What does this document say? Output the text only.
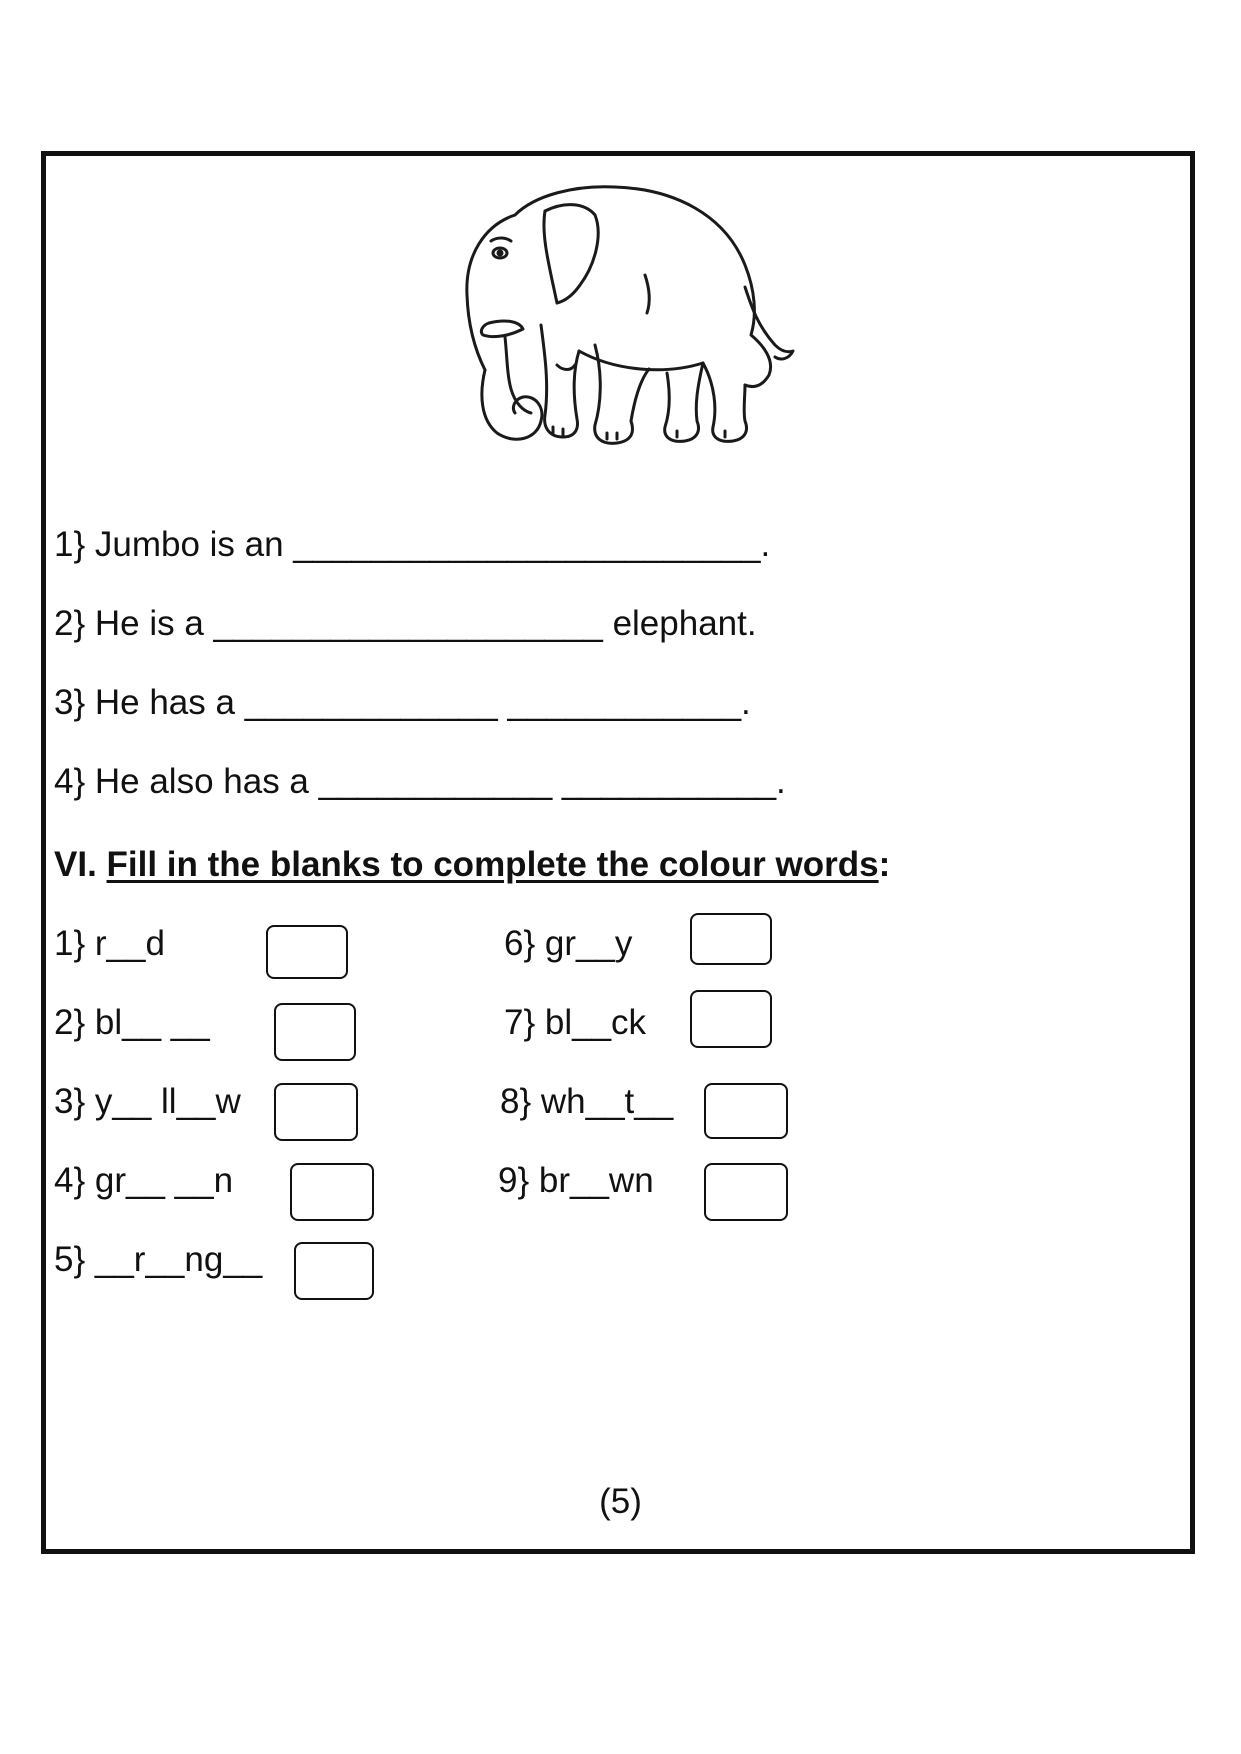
1} Jumbo is an ________________________.
2} He is a ____________________ elephant.
3} He has a _____________ ____________.
4} He also has a ____________ ___________.
VI. Fill in the blanks to complete the colour words:
1} r__d
2} bl__ __
3} y__ ll__w
4} gr__ __n
5} __r__ng__
6} gr__y
7} bl__ck
8} wh__t__
9} br__wn
(5)
